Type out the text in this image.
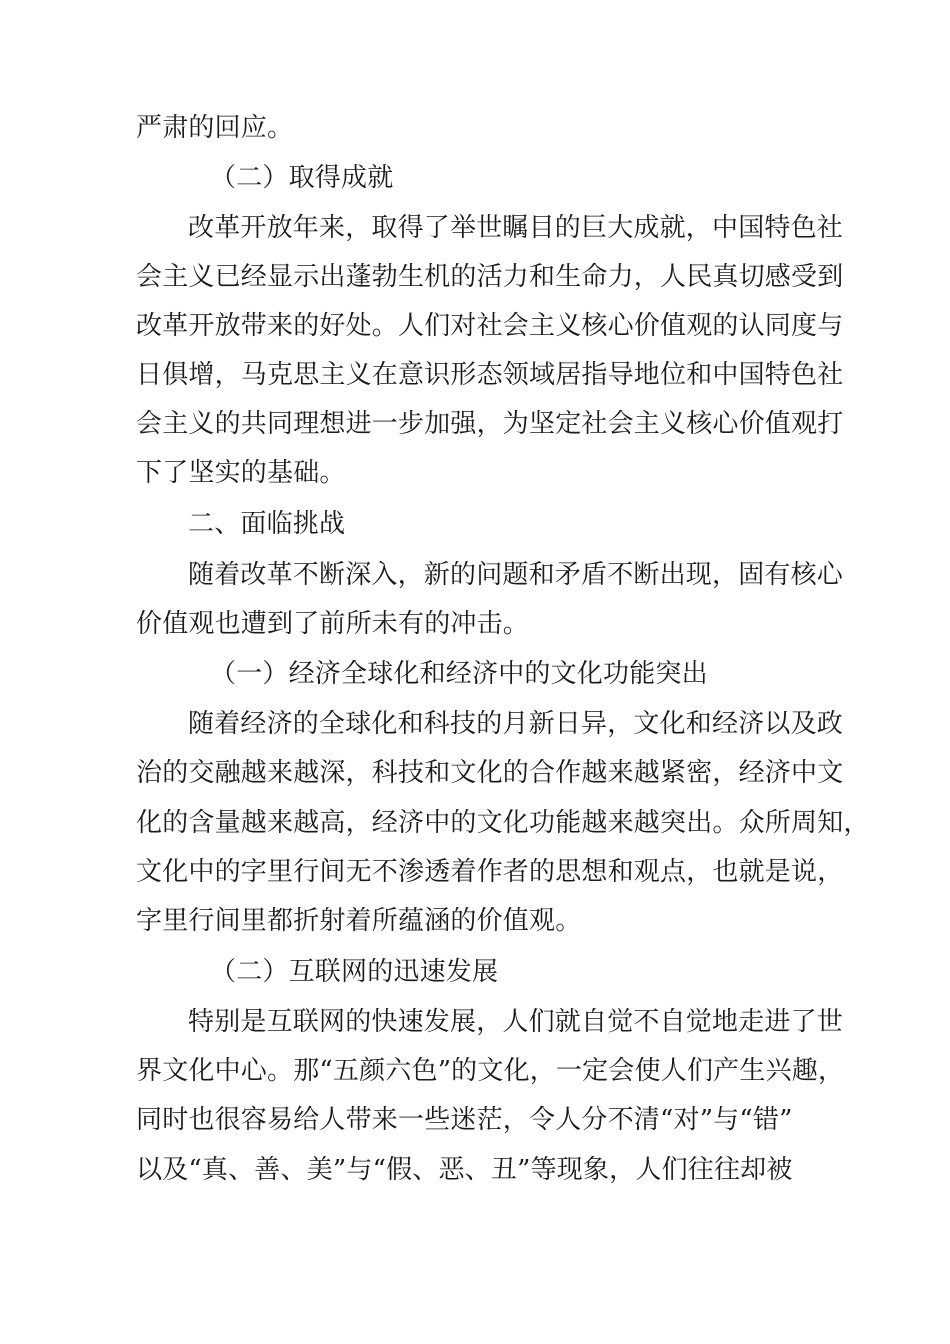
严肃的回应。
（二）取得成就
改革开放年来，取得了举世瞩目的巨大成就，中国特色社
会主义已经显示出蓬勃生机的活力和生命力，人民真切感受到
改革开放带来的好处。人们对社会主义核心价值观的认同度与
日俱增，马克思主义在意识形态领域居指导地位和中国特色社
会主义的共同理想进一步加强，为坚定社会主义核心价值观打
下了坚实的基础。
二、面临挑战
随着改革不断深入，新的问题和矛盾不断出现，固有核心
价值观也遭到了前所未有的冲击。
（一）经济全球化和经济中的文化功能突出
随着经济的全球化和科技的月新日异，文化和经济以及政
治的交融越来越深，科技和文化的合作越来越紧密，经济中文
化的含量越来越高，经济中的文化功能越来越突出。众所周知，
文化中的字里行间无不渗透着作者的思想和观点，也就是说，
字里行间里都折射着所蕴涵的价值观。
（二）互联网的迅速发展
特别是互联网的快速发展，人们就自觉不自觉地走进了世
界文化中心。那“五颜六色”的文化，一定会使人们产生兴趣，
同时也很容易给人带来一些迷茫，令人分不清“对”与“错”
以及“真、善、美”与“假、恶、丑”等现象，人们往往却被
